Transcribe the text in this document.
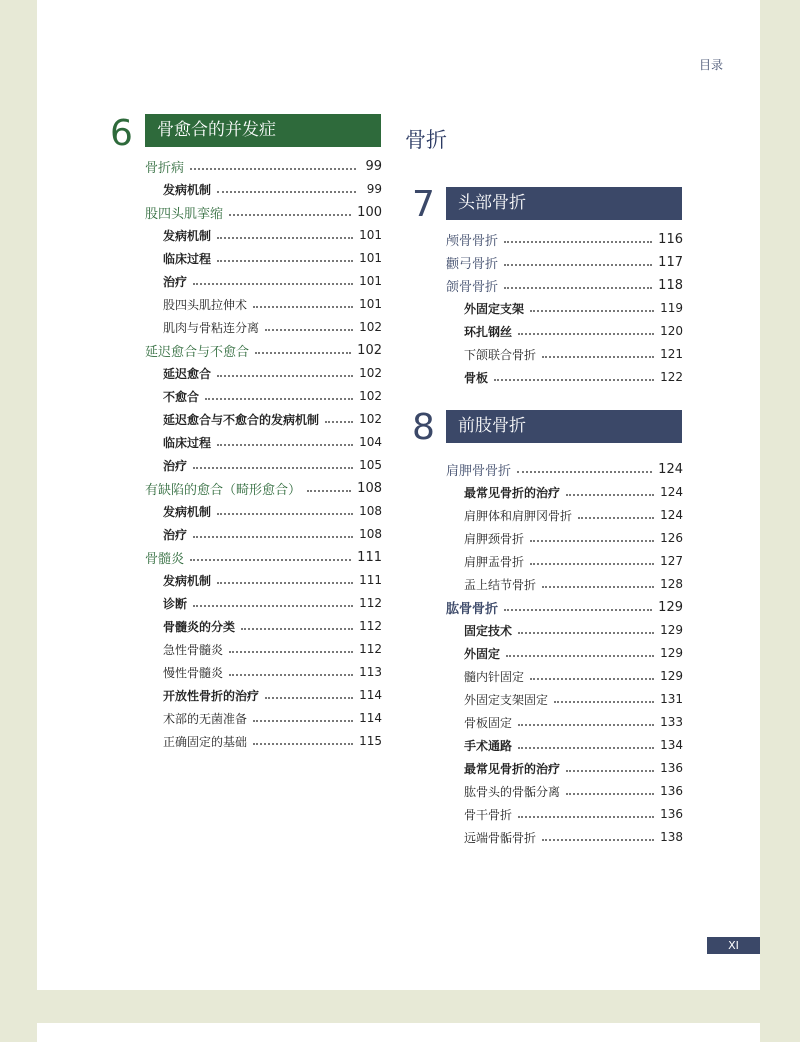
目录
6	骨愈合的并发症
骨折病	99
发病机制	99
股四头肌挛缩	100
发病机制	101
临床过程	101
治疗	101
股四头肌拉伸术	101
肌肉与骨粘连分离	102
延迟愈合与不愈合	102
延迟愈合	102
不愈合	102
延迟愈合与不愈合的发病机制	102
临床过程	104
治疗	105
有缺陷的愈合（畸形愈合）	108
发病机制	108
治疗	108
骨髓炎	111
发病机制	111
诊断	112
骨髓炎的分类	112
急性骨髓炎	112
慢性骨髓炎	113
开放性骨折的治疗	114
术部的无菌准备	114
正确固定的基础	115
骨折
7	头部骨折
颅骨骨折	116
颧弓骨折	117
颌骨骨折	118
外固定支架	119
环扎钢丝	120
下颌联合骨折	121
骨板	122
8	前肢骨折
肩胛骨骨折	124
最常见骨折的治疗	124
肩胛体和肩胛冈骨折	124
肩胛颈骨折	126
肩胛盂骨折	127
盂上结节骨折	128
肱骨骨折	129
固定技术	129
外固定	129
髓内针固定	129
外固定支架固定	131
骨板固定	133
手术通路	134
最常见骨折的治疗	136
肱骨头的骨骺分离	136
骨干骨折	136
远端骨骺骨折	138
XI
